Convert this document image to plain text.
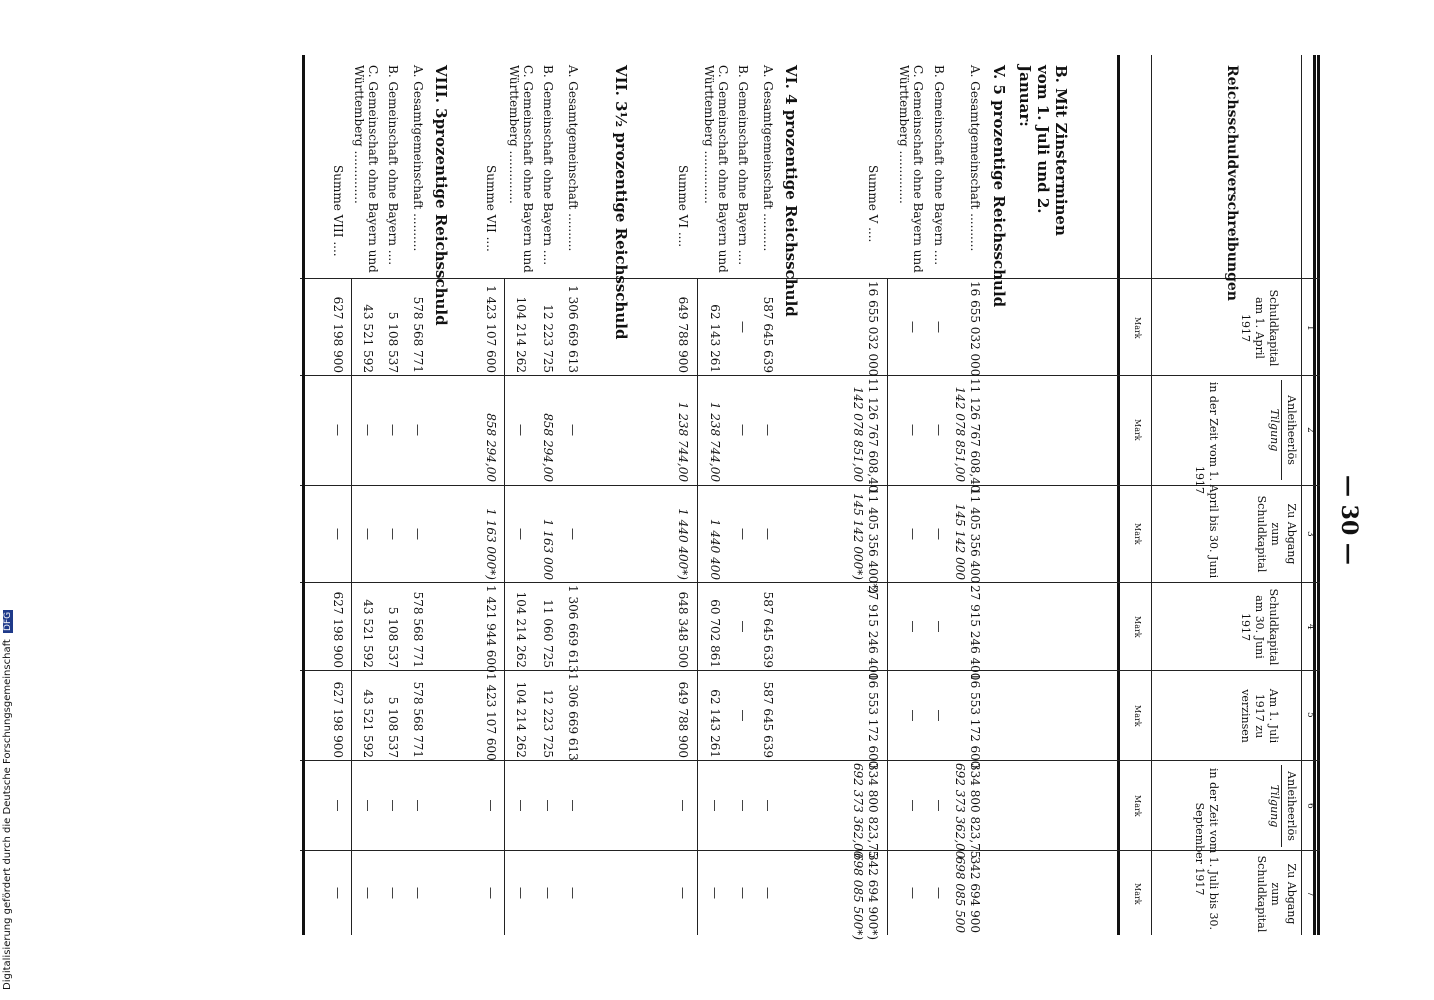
— 30 —
1
2
3
4
5
6
7
Reichsschuldverschreibungen
Schuldkapital am 1. April 1917
Anleiheerlös
Tilgung
Zu Abgang
zum Schuldkapital
in der Zeit vom 1. April bis 30. Juni 1917
Schuldkapital am 30. Juni 1917
Am 1. Juli 1917 zu verzinsen
Anleiheerlös
Tilgung
Zu Abgang
zum Schuldkapital
in der Zeit vom 1. Juli bis 30. September 1917
Mark
Mark
Mark
Mark
Mark
Mark
Mark
B. Mit Zinsterminen vom 1. Juli und 2. Januar:
V. 5 prozentige Reichsschuld
A. Gesamtgemeinschaft ..........
16 655 032 000
11 126 767 608,40
142 078 851,00
11 405 356 400
145 142 000
27 915 246 400
16 553 172 600
334 800 823,75
692 373 362,00
342 694 900
698 085 500
B. Gemeinschaft ohne Bayern ....
—
—
—
—
—
—
—
C. Gemeinschaft ohne Bayern und Württemberg ..............
—
—
—
—
—
—
—
Summe V ....
16 655 032 000
11 126 767 608,40
142 078 851,00
11 405 356 400*)
145 142 000*)
27 915 246 400
16 553 172 600
334 800 823,75
692 373 362,00
342 694 900*)
698 085 500*)
VI. 4 prozentige Reichsschuld
A. Gesamtgemeinschaft ..........
587 645 639
—
—
587 645 639
587 645 639
—
—
B. Gemeinschaft ohne Bayern ....
—
—
—
—
—
—
—
C. Gemeinschaft ohne Bayern und Württemberg ..............
62 143 261
1 238 744,00
1 440 400
60 702 861
62 143 261
—
—
Summe VI ....
649 788 900
1 238 744,00
1 440 400*)
648 348 500
649 788 900
—
—
VII. 3½ prozentige Reichsschuld
A. Gesamtgemeinschaft ..........
1 306 669 613
—
—
1 306 669 613
1 306 669 613
—
—
B. Gemeinschaft ohne Bayern ....
12 223 725
858 294,00
1 163 000
11 060 725
12 223 725
—
—
C. Gemeinschaft ohne Bayern und Württemberg ..............
104 214 262
—
—
104 214 262
104 214 262
—
—
Summe VII ....
1 423 107 600
858 294,00
1 163 000*)
1 421 944 600
1 423 107 600
—
—
VIII. 3prozentige Reichsschuld
A. Gesamtgemeinschaft ..........
578 568 771
—
—
578 568 771
578 568 771
—
—
B. Gemeinschaft ohne Bayern ....
5 108 537
—
—
5 108 537
5 108 537
—
—
C. Gemeinschaft ohne Bayern und Württemberg ..............
43 521 592
—
—
43 521 592
43 521 592
—
—
Summe VIII ....
627 198 900
—
—
627 198 900
627 198 900
—
—
Digitalisierung gefördert durch die Deutsche Forschungsgemeinschaft DFG
